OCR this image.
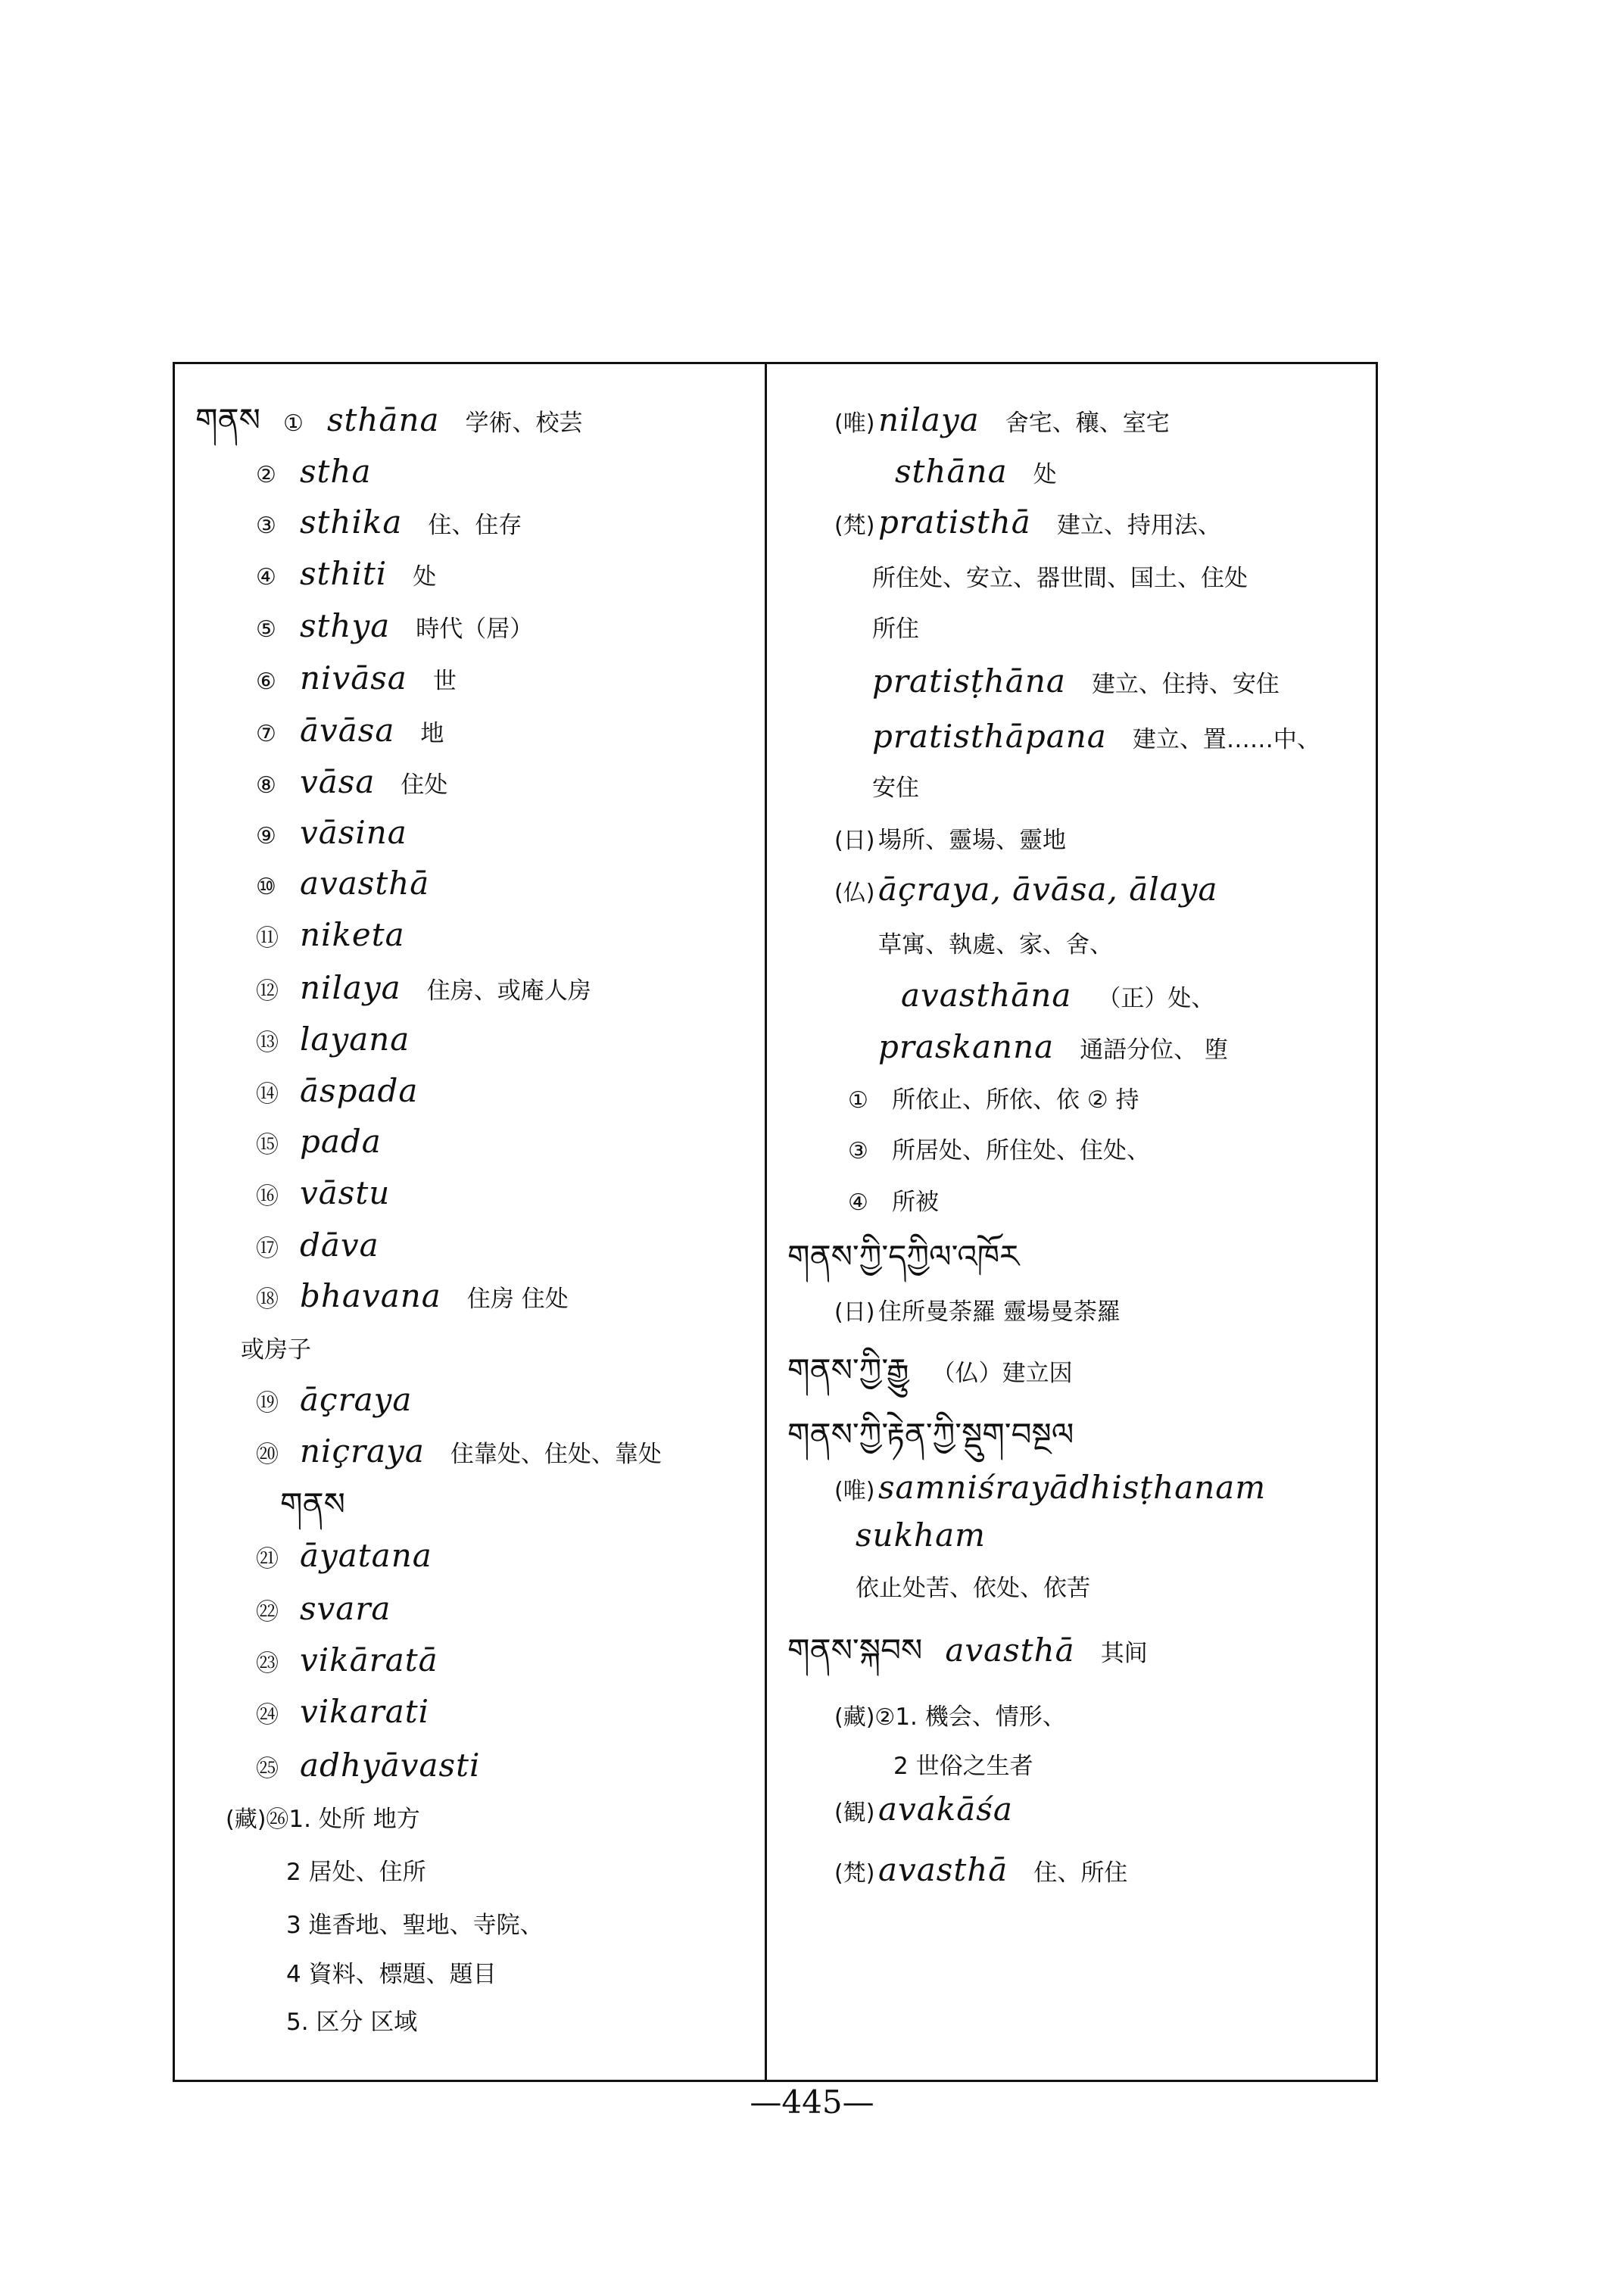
གནས ① sthāna 学術、校芸
② stha
③ sthika 住、住存
④ sthiti 处
⑤ sthya 時代（居）
⑥ nivāsa 世
⑦ āvāsa 地
⑧ vāsa 住处
⑨ vāsina
⑩ avasthā
⑪ niketa
⑫ nilaya 住房、或庵人房
⑬ layana
⑭ āspada
⑮ pada
⑯ vāstu
⑰ dāva
⑱ bhavana 住房 住处
或房子
⑲ āçraya
⑳ niçraya 住靠处、住处、靠处
གནས
㉑ āyatana
㉒ svara
㉓ vikāratā
㉔ vikarati
㉕ adhyāvasti
(藏)㉖1. 处所 地方
2 居处、住所
3 進香地、聖地、寺院、
4 資料、標題、題目
5. 区分 区域
(唯) nilaya 舍宅、穰、室宅
sthāna 处
(梵) pratisthā 建立、持用法、
所住处、安立、器世間、国土、住处
所住
pratisṭhāna 建立、住持、安住
pratisthāpana 建立、置……中、
安住
(日) 場所、靈場、靈地
(仏) āçraya, āvāsa, ālaya
草寓、執處、家、舍、
avasthāna （正）处、
praskanna 通語分位、 堕
① 所依止、所依、依 ② 持
③ 所居处、所住处、住处、
④ 所被
གནས་ཀྱི་དཀྱིལ་འཁོར
(日) 住所曼荼羅 靈場曼荼羅
གནས་ཀྱི་རྒྱུ （仏）建立因
གནས་ཀྱི་རྟེན་ཀྱི་སྡུག་བསྔལ
(唯) samniśrayādhisṭhanam
sukham
依止处苦、依处、依苦
གནས་སྐབས avasthā 其间
(藏)②1. 機会、情形、
2 世俗之生者
(観) avakāśa
(梵) avasthā 住、所住
—445—
